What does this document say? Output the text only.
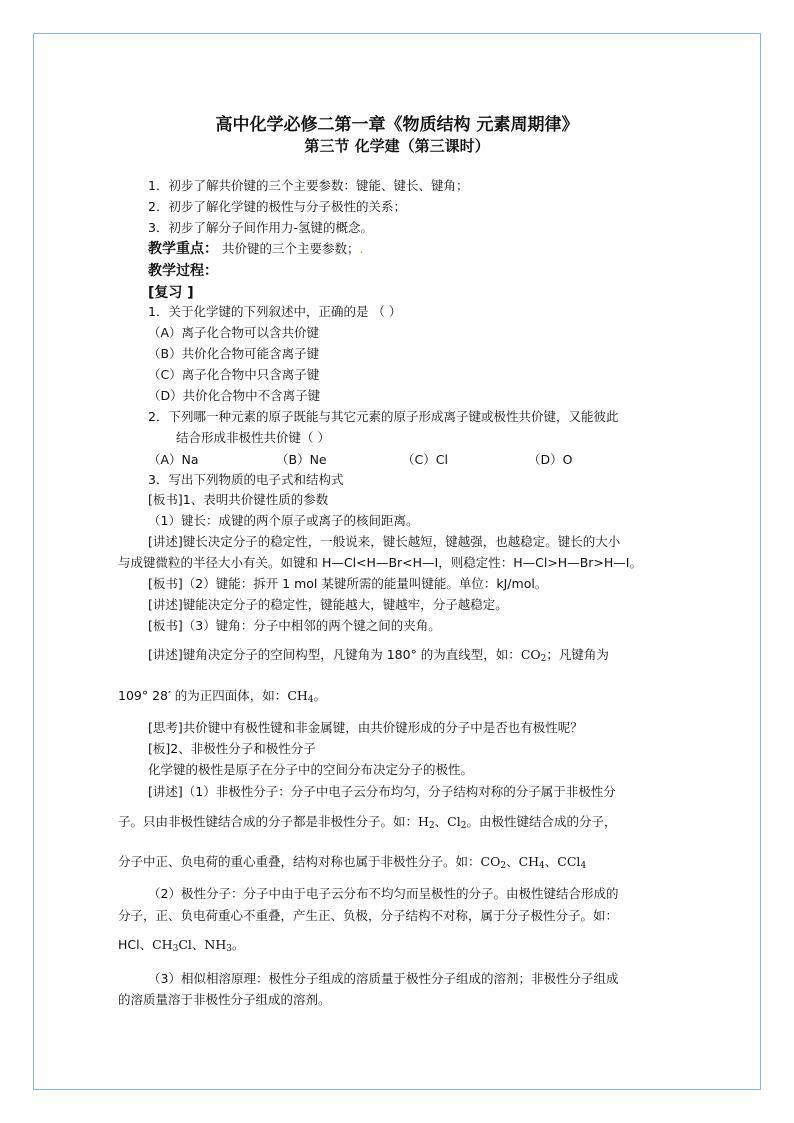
高中化学必修二第一章《物质结构 元素周期律》
第三节 化学建（第三课时）
1．初步了解共价键的三个主要参数：键能、键长、键角；
2．初步了解化学键的极性与分子极性的关系；
3．初步了解分子间作用力-氢键的概念。
教学重点： 共价键的三个主要参数；.
教学过程：
[复习 ]
1．关于化学键的下列叙述中，正确的是 （ ）
（A）离子化合物可以含共价键
（B）共价化合物可能含离子键
（C）离子化合物中只含离子键
（D）共价化合物中不含离子键
2．下列哪一种元素的原子既能与其它元素的原子形成离子键或极性共价键，又能彼此
结合形成非极性共价键（ ）
（A）Na	（B）Ne	（C）Cl	（D）O
3．写出下列物质的电子式和结构式
[板书]1、表明共价键性质的参数
（1）键长：成键的两个原子或离子的核间距离。
[讲述]键长决定分子的稳定性，一般说来，键长越短，键越强，也越稳定。键长的大小
与成键微粒的半径大小有关。如键和 H—Cl<H—Br<H—I，则稳定性：H—Cl>H—Br>H—I。
[板书]（2）键能：拆开 1 mol 某键所需的能量叫键能。单位：kJ/mol。
[讲述]键能决定分子的稳定性，键能越大，键越牢，分子越稳定。
[板书]（3）键角：分子中相邻的两个键之间的夹角。
[讲述]键角决定分子的空间构型，凡键角为 180° 的为直线型，如：$CO_2$；凡键角为
109° 28′ 的为正四面体，如：$CH_4$。
[思考]共价键中有极性键和非金属键，由共价键形成的分子中是否也有极性呢？
[板]2、非极性分子和极性分子
化学键的极性是原子在分子中的空间分布决定分子的极性。
[讲述]（1）非极性分子：分子中电子云分布均匀，分子结构对称的分子属于非极性分
子。只由非极性键结合成的分子都是非极性分子。如：$H_2$、$Cl_2$。由极性键结合成的分子，
分子中正、负电荷的重心重叠，结构对称也属于非极性分子。如：$CO_2$、$CH_4$、CCl$_4$
（2）极性分子：分子中由于电子云分布不均匀而呈极性的分子。由极性键结合形成的
分子，正、负电荷重心不重叠，产生正、负极，分子结构不对称，属于分子极性分子。如：
HCl、$CH_3Cl$、$NH_3$。
（3）相似相溶原理：极性分子组成的溶质量于极性分子组成的溶剂；非极性分子组成
的溶质量溶于非极性分子组成的溶剂。
